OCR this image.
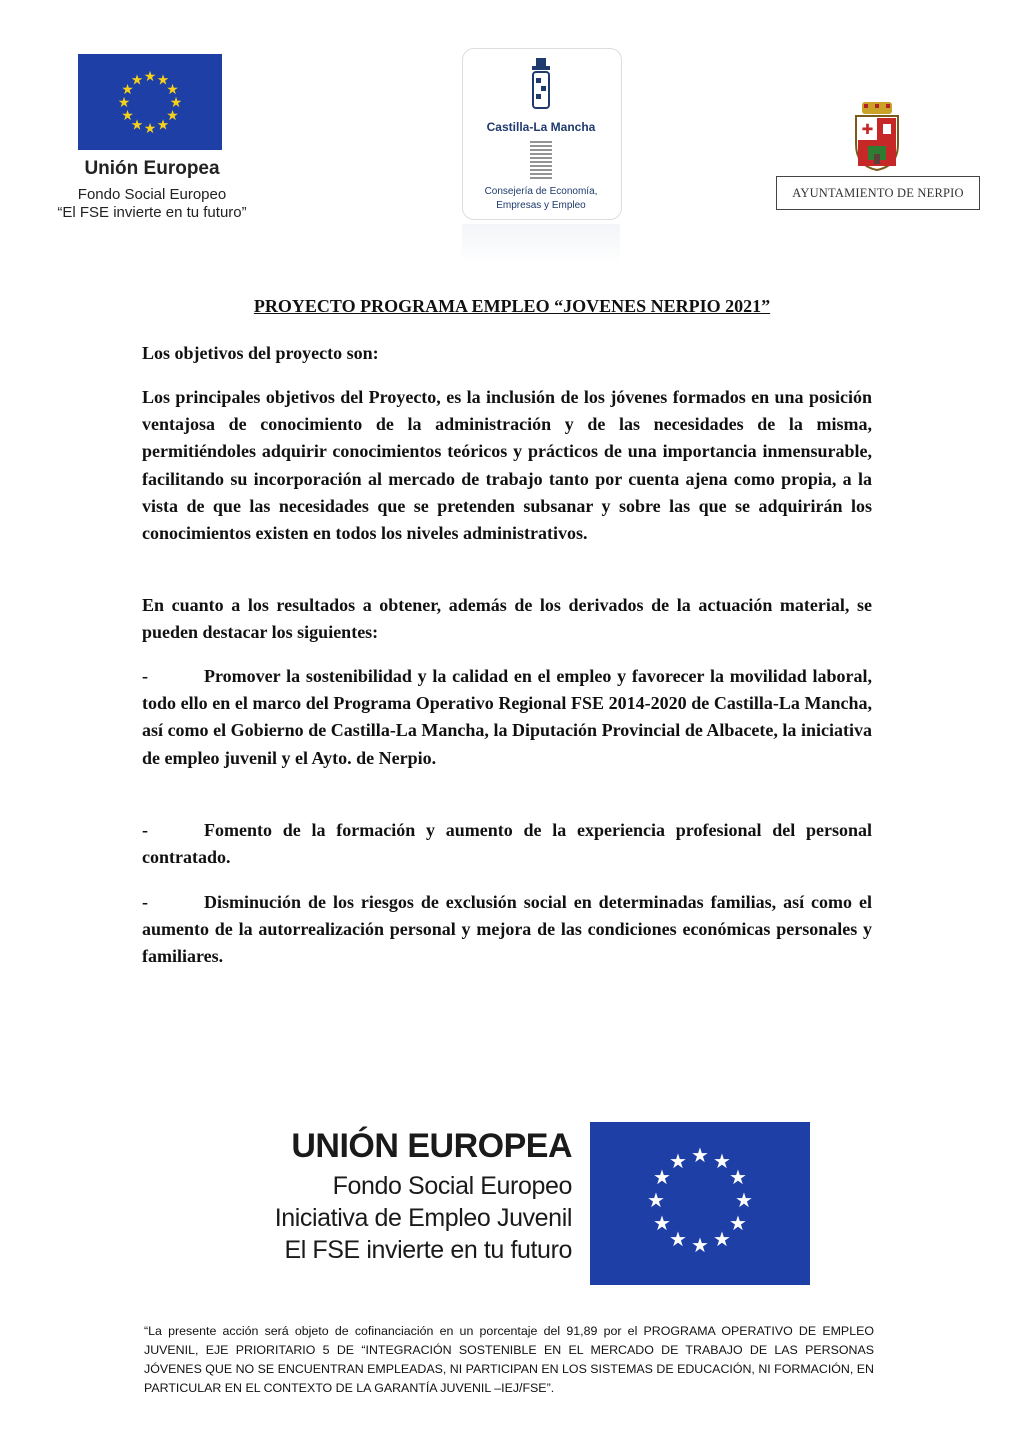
★ ★
★
★
★
★
★
★
★
★
★
★
Unión Europea
Fondo Social Europeo
“El FSE invierte en tu futuro”
Castilla-La Mancha
Consejería de Economía,
Empresas y Empleo
✚
AYUNTAMIENTO DE NERPIO
PROYECTO PROGRAMA EMPLEO “JOVENES NERPIO 2021”
Los objetivos del proyecto son:
Los principales objetivos del Proyecto, es la inclusión de los jóvenes formados en una posición ventajosa de conocimiento de la administración y de las necesidades de la misma, permitiéndoles adquirir conocimientos teóricos y prácticos de una importancia inmensurable, facilitando su incorporación al mercado de trabajo tanto por cuenta ajena como propia, a la vista de que las necesidades que se pretenden subsanar y sobre las que se adquirirán los conocimientos existen en todos los niveles administrativos.
En cuanto a los resultados a obtener, además de los derivados de la actuación material, se pueden destacar los siguientes:
-	Promover la sostenibilidad y la calidad en el empleo y favorecer la movilidad laboral, todo ello en el marco del Programa Operativo Regional FSE 2014-2020 de Castilla-La Mancha, así como el Gobierno de Castilla-La Mancha, la Diputación Provincial de Albacete, la iniciativa de empleo juvenil y el Ayto. de Nerpio.
-	Fomento de la formación y aumento de la experiencia profesional del personal contratado.
-	Disminución de los riesgos de exclusión social en determinadas familias, así como el aumento de la autorrealización personal y mejora de las condiciones económicas personales y familiares.
UNIÓN EUROPEA
Fondo Social Europeo
Iniciativa de Empleo Juvenil
El FSE invierte en tu futuro
★ ★
★
★
★
★
★
★
★
★
★
★
“La presente acción será objeto de cofinanciación en un porcentaje del 91,89 por el PROGRAMA OPERATIVO DE EMPLEO JUVENIL, EJE PRIORITARIO 5 DE “INTEGRACIÓN SOSTENIBLE EN EL MERCADO DE TRABAJO DE LAS PERSONAS JÓVENES QUE NO SE ENCUENTRAN EMPLEADAS, NI PARTICIPAN EN LOS SISTEMAS DE EDUCACIÓN, NI FORMACIÓN, EN PARTICULAR EN EL CONTEXTO DE LA GARANTÍA JUVENIL –IEJ/FSE”.
